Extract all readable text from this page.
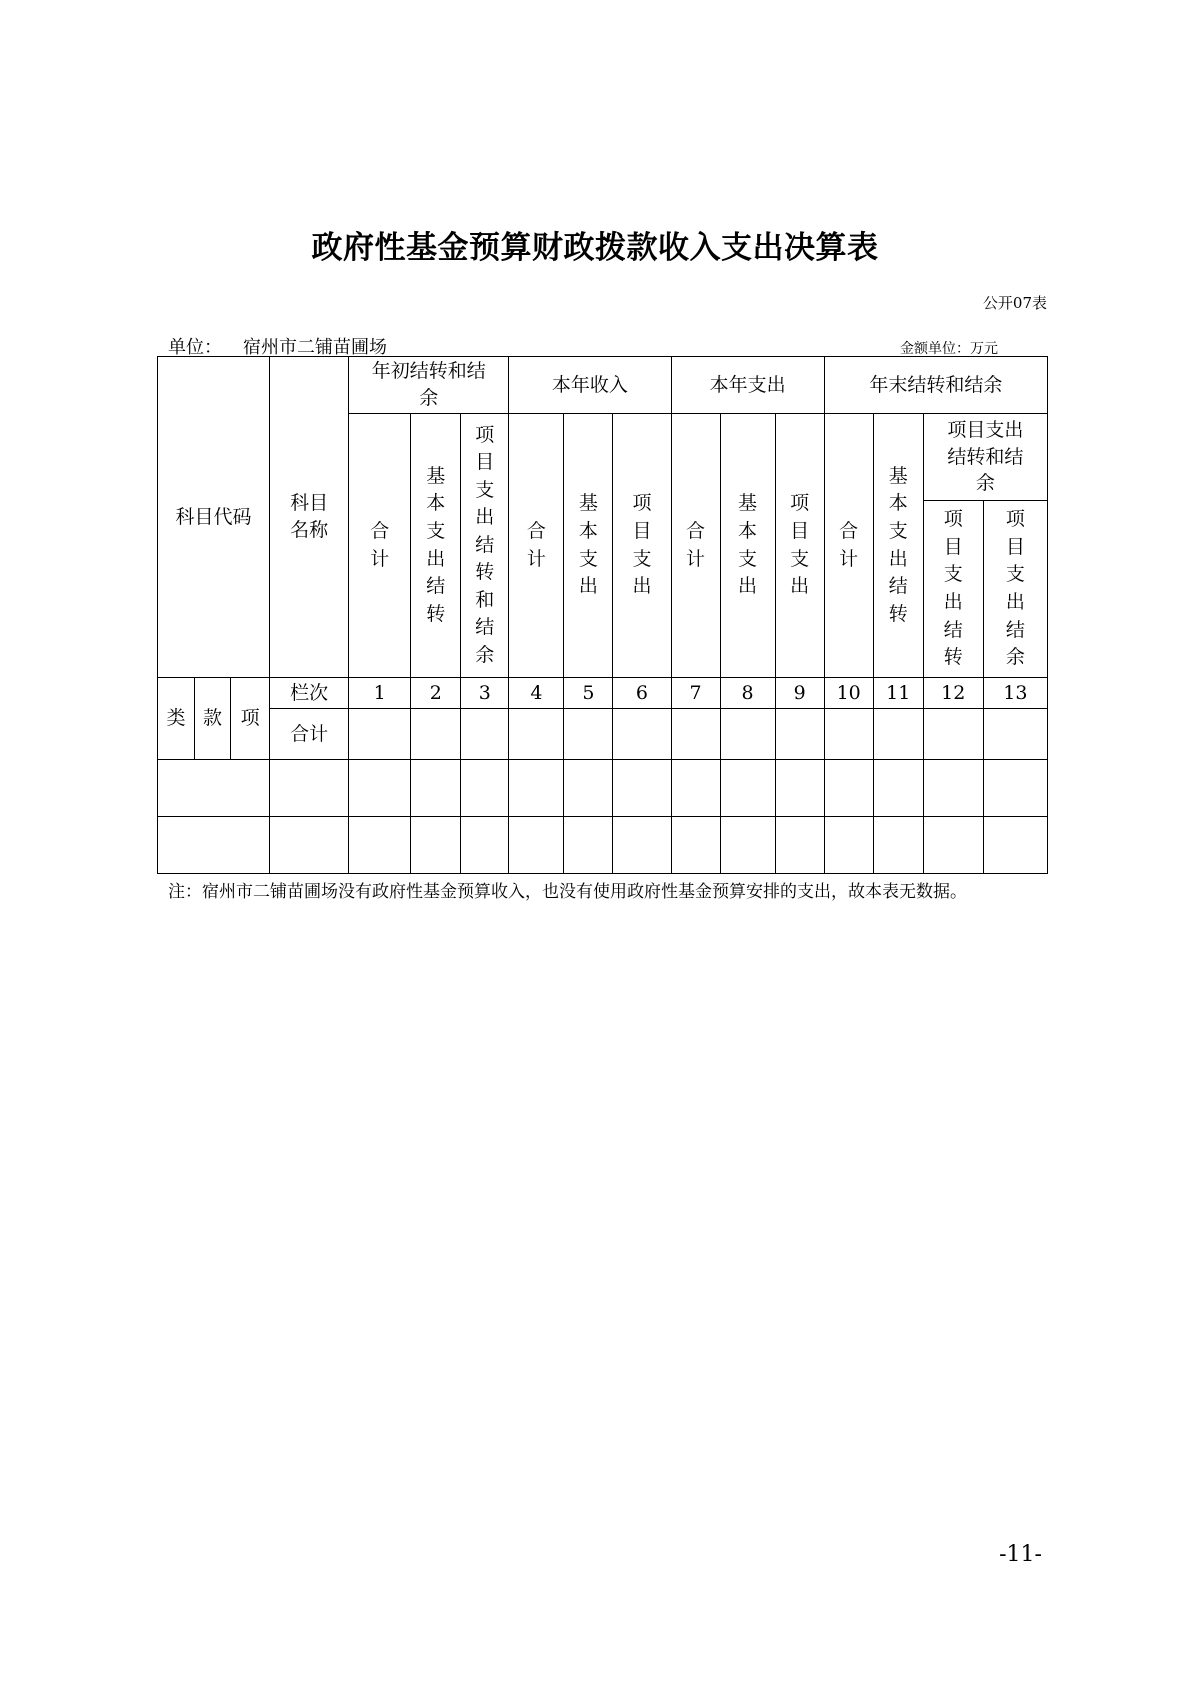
政府性基金预算财政拨款收入支出决算表
公开07表
单位： 宿州市二铺苗圃场	金额单位：万元
科目代码			科目名称	年初结转和结余			本年收入			本年支出			年末结转和结余			
				合计	基本支出结转	项目支出结转和结余	合计	基本支出	项目支出	合计	基本支出	项目支出	合计	基本支出结转	项目支出结转和结余	
															项目支出结转	项目支出结余
类	款	项	栏次	1	2	3	4	5	6	7	8	9	10	11	12	13
			合计													

注：宿州市二铺苗圃场没有政府性基金预算收入，也没有使用政府性基金预算安排的支出，故本表无数据。
-11-
